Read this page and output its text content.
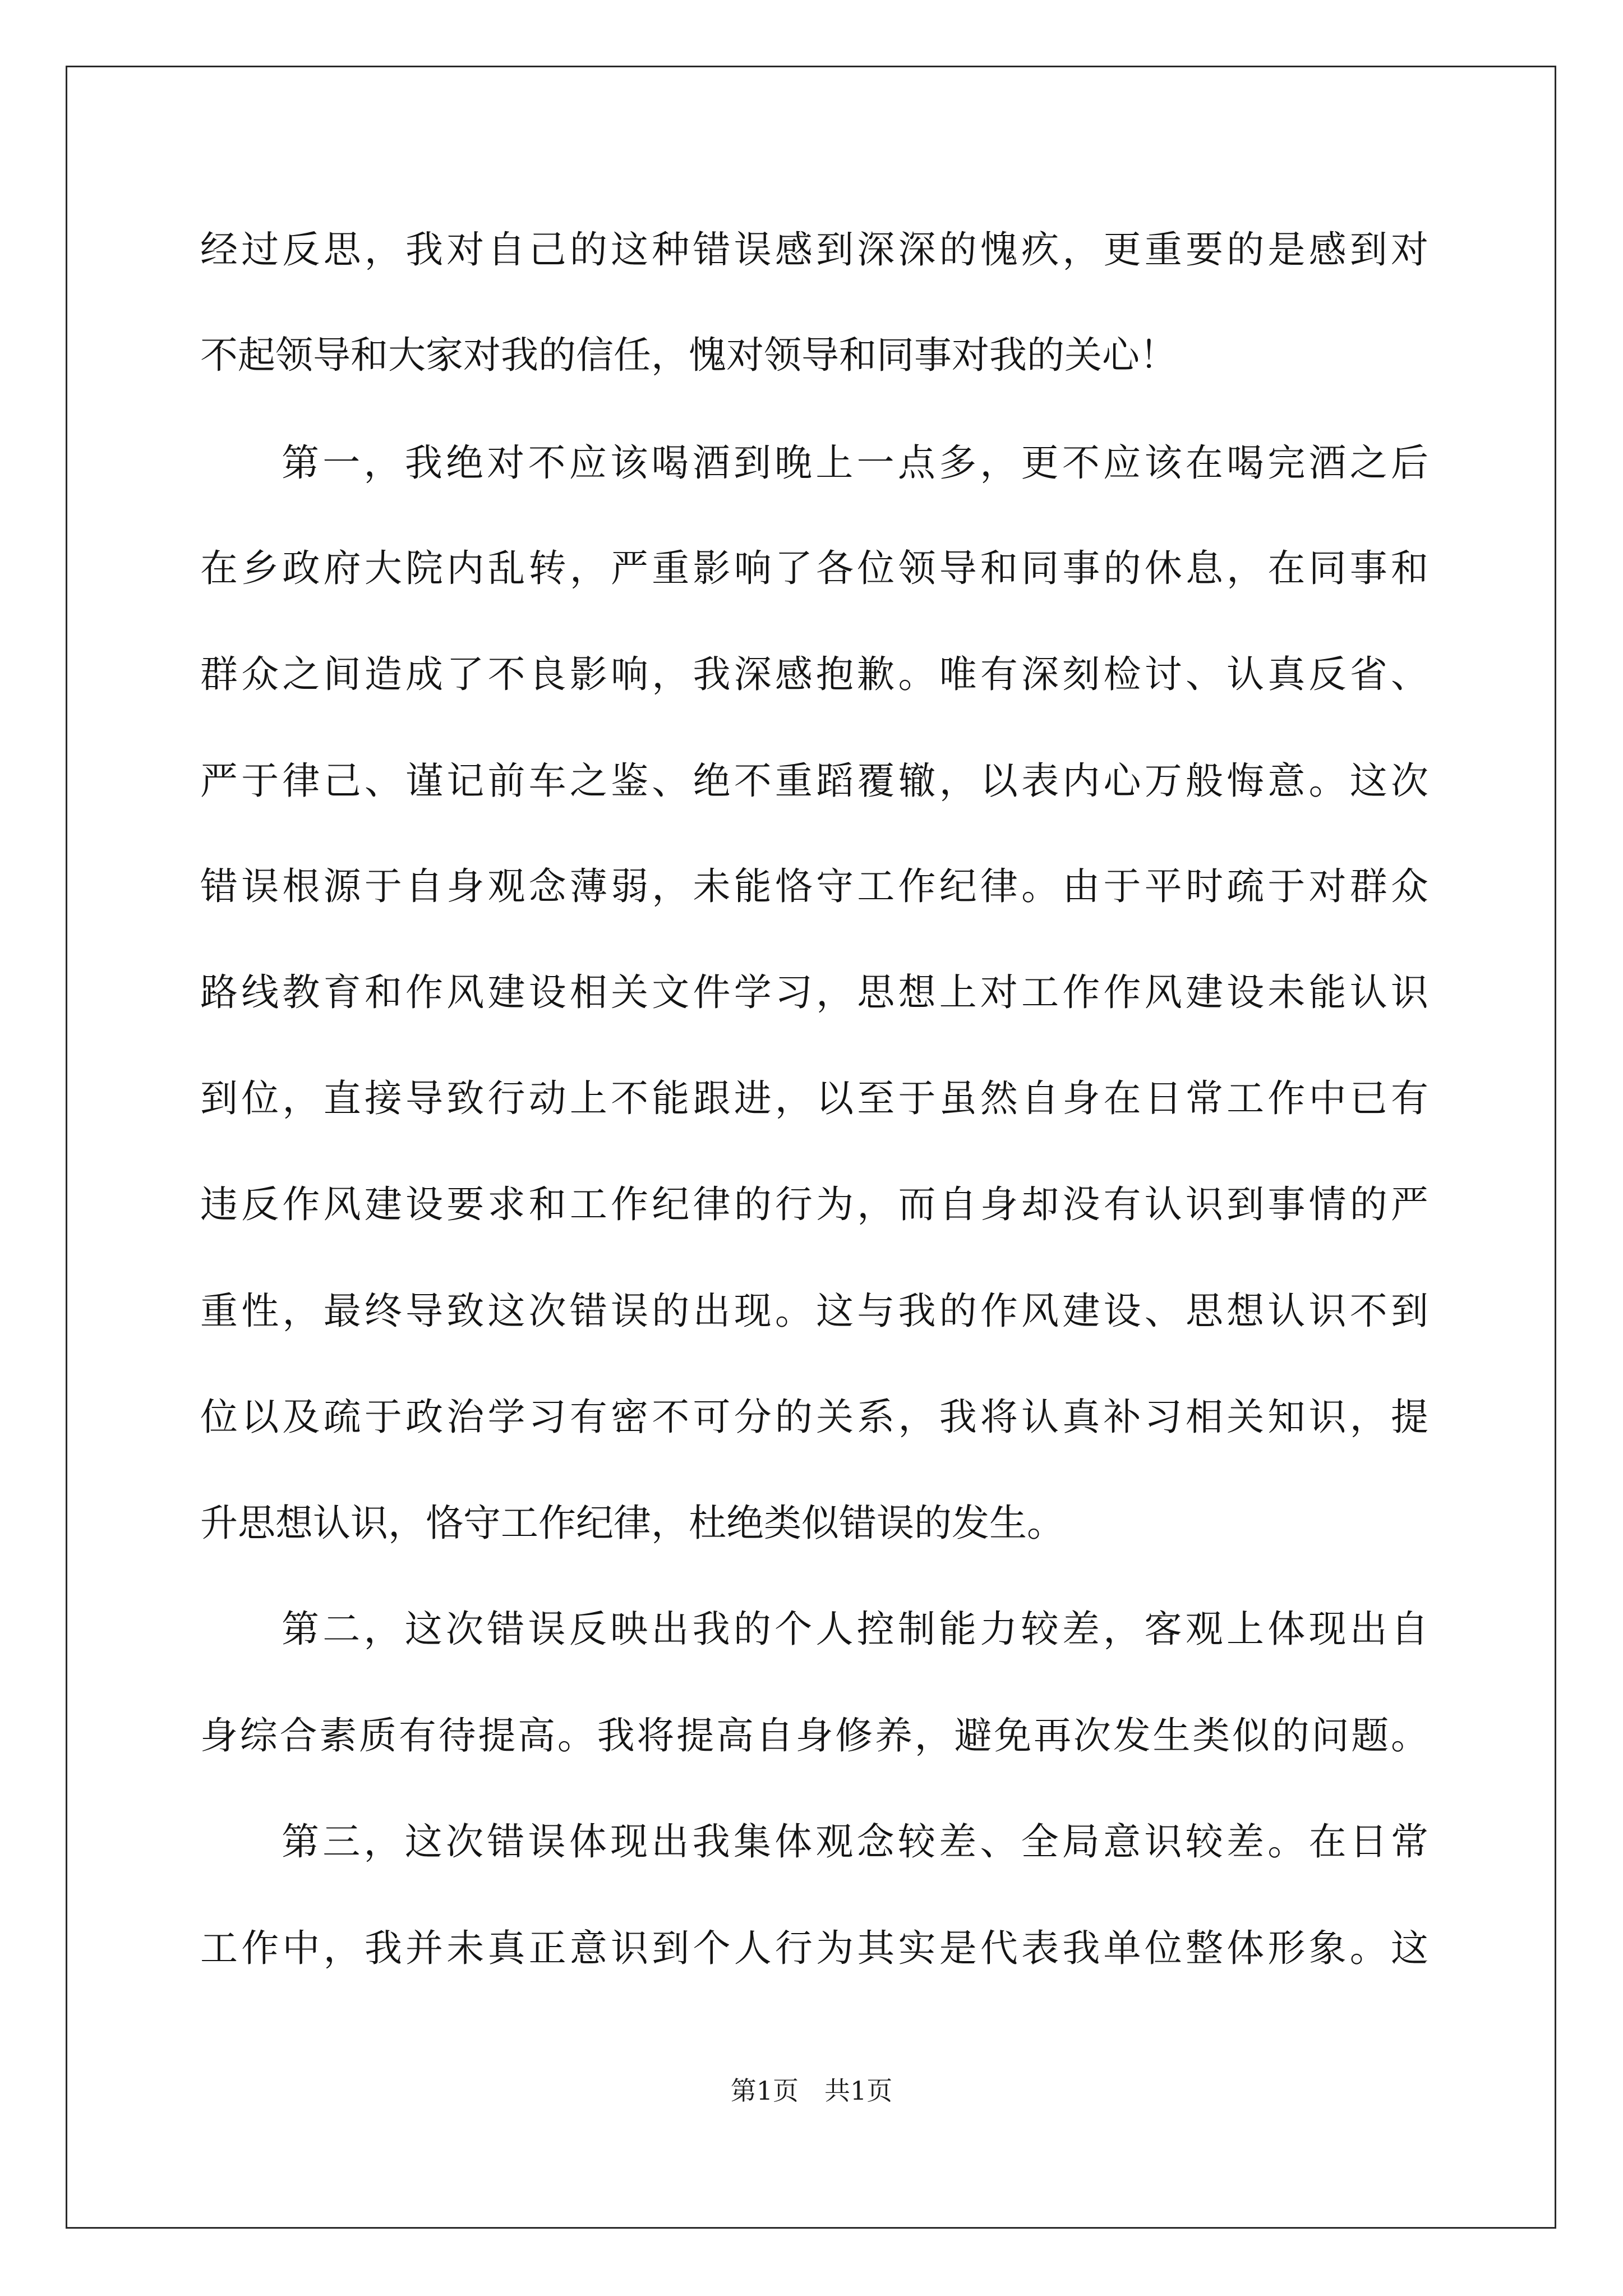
经过反思，我对自己的这种错误感到深深的愧疚，更重要的是感到对
不起领导和大家对我的信任，愧对领导和同事对我的关心！
第一，我绝对不应该喝酒到晚上一点多，更不应该在喝完酒之后
在乡政府大院内乱转，严重影响了各位领导和同事的休息，在同事和
群众之间造成了不良影响，我深感抱歉。唯有深刻检讨、认真反省、
严于律己、谨记前车之鉴、绝不重蹈覆辙，以表内心万般悔意。这次
错误根源于自身观念薄弱，未能恪守工作纪律。由于平时疏于对群众
路线教育和作风建设相关文件学习，思想上对工作作风建设未能认识
到位，直接导致行动上不能跟进，以至于虽然自身在日常工作中已有
违反作风建设要求和工作纪律的行为，而自身却没有认识到事情的严
重性，最终导致这次错误的出现。这与我的作风建设、思想认识不到
位以及疏于政治学习有密不可分的关系，我将认真补习相关知识，提
升思想认识，恪守工作纪律，杜绝类似错误的发生。
第二，这次错误反映出我的个人控制能力较差，客观上体现出自
身综合素质有待提高。我将提高自身修养，避免再次发生类似的问题。
第三，这次错误体现出我集体观念较差、全局意识较差。在日常
工作中，我并未真正意识到个人行为其实是代表我单位整体形象。这
第1页　共1页
